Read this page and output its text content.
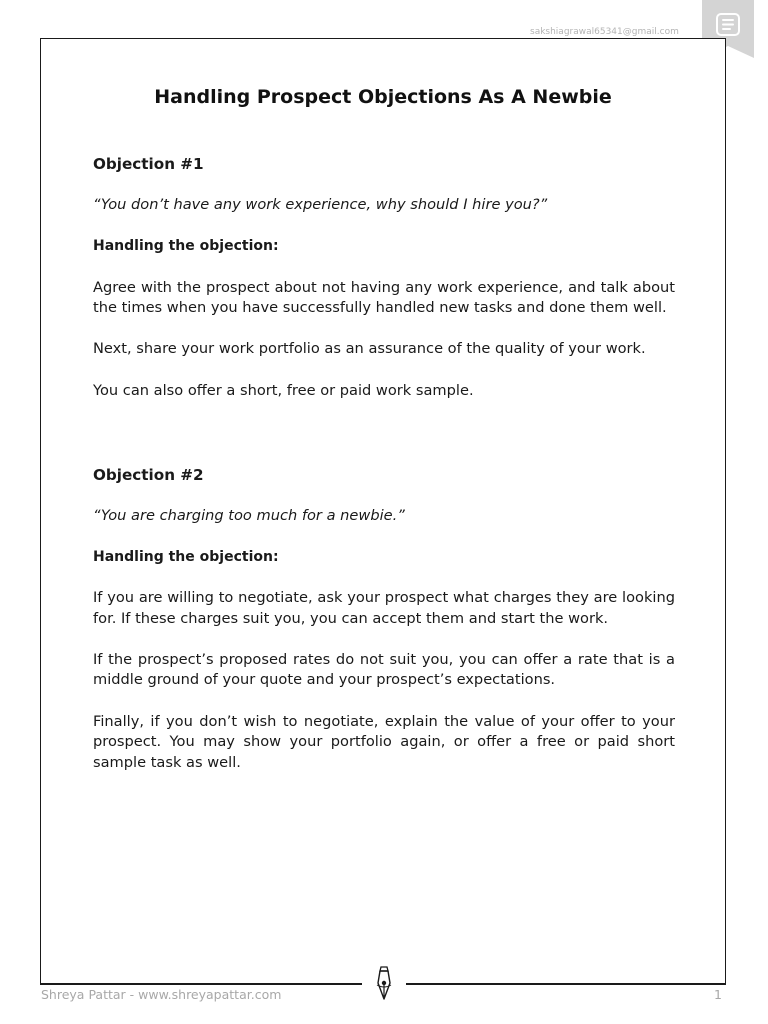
sakshiagrawal65341@gmail.com
Handling Prospect Objections As A Newbie

Objection #1

“You don’t have any work experience, why should I hire you?”

Handling the objection:

Agree with the prospect about not having any work experience, and talk about the times when you have successfully handled new tasks and done them well.

Next, share your work portfolio as an assurance of the quality of your work.

You can also offer a short, free or paid work sample.

Objection #2

“You are charging too much for a newbie.”

Handling the objection:

If you are willing to negotiate, ask your prospect what charges they are looking for. If these charges suit you, you can accept them and start the work.

If the prospect’s proposed rates do not suit you, you can offer a rate that is a middle ground of your quote and your prospect’s expectations.

Finally, if you don’t wish to negotiate, explain the value of your offer to your prospect. You may show your portfolio again, or offer a free or paid short sample task as well.

Shreya Pattar - www.shreyapattar.com	1
